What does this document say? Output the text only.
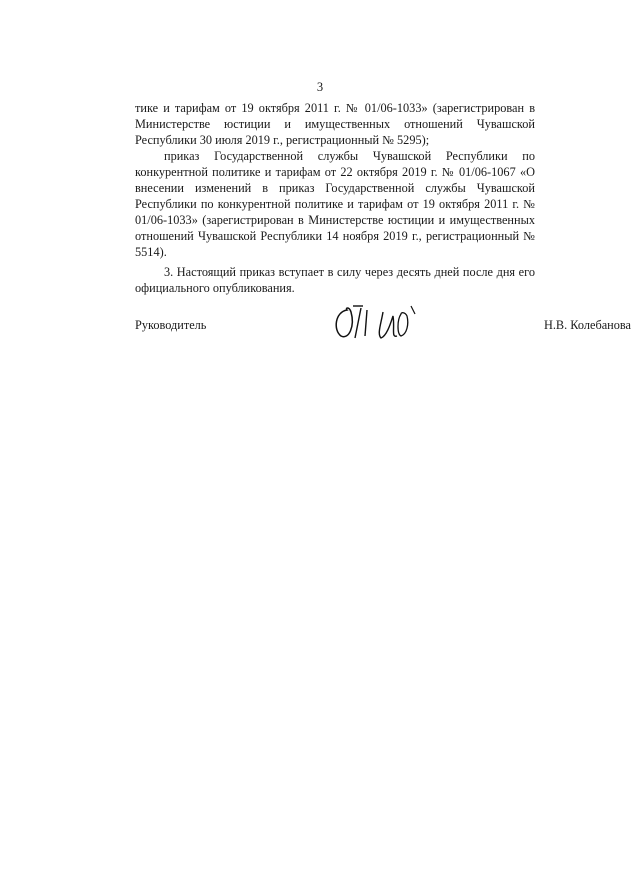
3

тике и тарифам от 19 октября 2011 г. № 01/06-1033» (зарегистрирован в Министерстве юстиции и имущественных отношений Чувашской Республики 30 июля 2019 г., регистрационный № 5295);

приказ Государственной службы Чувашской Республики по конкурентной политике и тарифам от 22 октября 2019 г. № 01/06-1067 «О внесении изменений в приказ Государственной службы Чувашской Республики по конкурентной политике и тарифам от 19 октября 2011 г. № 01/06-1033» (зарегистрирован в Министерстве юстиции и имущественных отношений Чувашской Республики 14 ноября 2019 г., регистрационный № 5514).

3. Настоящий приказ вступает в силу через десять дней после дня его официального опубликования.

Руководитель	Н.В. Колебанова
